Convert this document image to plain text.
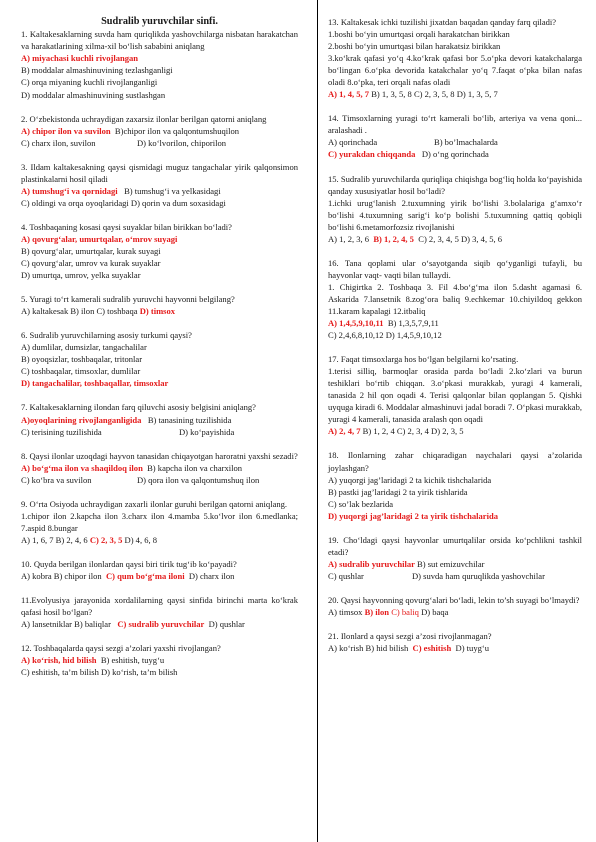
Sudralib yuruvchilar sinfi.

1. Kaltakesaklarning suvda ham quriqlikda yashovchilarga nisbatan harakatchan va harakatlarining xilma-xil bo‘lish sababini aniqlang

A) miyachasi kuchli rivojlangan

B) moddalar almashinuvining tezlashganligi

C) orqa miyaning kuchli rivojlanganligi

D) moddalar almashinuvining sustlashgan

2. O‘zbekistonda uchraydigan zaxarsiz ilonlar berilgan qatorni aniqlang

A) chipor ilon va suvilon B)chipor ilon va qalqontumshuqilon

C) charx ilon, suvilon	D) ko‘lvorilon, chiporilon

3. Ildam kaltakesakning qaysi qismidagi muguz tangachalar yirik qalqonsimon plastinkalarni hosil qiladi

A) tumshug‘i va qornidagi B) tumshug‘i va yelkasidagi

C) oldingi va orqa oyoqlaridagi D) qorin va dum soxasidagi

4. Toshbaqaning kosasi qaysi suyaklar bilan birikkan bo‘ladi?

A) qovurg‘alar, umurtqalar, o‘mrov suyagi

B) qovurg‘alar, umurtqalar, kurak suyagi

C) qovurg‘alar, umrov va kurak suyaklar

D) umurtqa, umrov, yelka suyaklar

5. Yuragi to‘rt kamerali sudralib yuruvchi hayvonni belgilang?

A) kaltakesak B) ilon C) toshbaqa D) timsox

6. Sudralib yuruvchilarning asosiy turkumi qaysi?

A) dumlilar, dumsizlar, tangachalilar

B) oyoqsizlar, toshbaqalar, tritonlar

C) toshbaqalar, timsoxlar, dumlilar

D) tangachalilar, toshbaqallar, timsoxlar

7. Kaltakesaklarning ilondan farq qiluvchi asosiy belgisini aniqlang?

A)oyoqlarining rivojlanganligida B) tanasining tuzilishida

C) terisining tuzilishida	D) ko‘payishida

8. Qaysi ilonlar uzoqdagi hayvon tanasidan chiqayotgan haroratni yaxshi sezadi?

A) bo‘g‘ma ilon va shaqildoq ilon B) kapcha ilon va charxilon

C) ko‘bra va suvilon	D) qora ilon va qalqontumshuq ilon

9. O‘rta Osiyoda uchraydigan zaxarli ilonlar guruhi berilgan qatorni aniqlang.

1.chipor ilon 2.kapcha ilon 3.charx ilon 4.mamba 5.ko‘lvor ilon 6.medlanka; 7.aspid 8.bungar

A) 1, 6, 7 B) 2, 4, 6 C) 2, 3, 5 D) 4, 6, 8

10. Quyda berilgan ilonlardan qaysi biri tirik tug‘ib ko‘payadi?

A) kobra B) chipor ilon C) qum bo‘g‘ma iloni D) charx ilon

11.Evolyusiya jarayonida xordalilarning qaysi sinfida birinchi marta ko‘krak qafasi hosil bo‘lgan?

A) lansetniklar B) baliqlar C) sudralib yuruvchilar D) qushlar

12. Toshbaqalarda qaysi sezgi a’zolari yaxshi rivojlangan?

A) ko‘rish, hid bilish B) eshitish, tuyg‘u

C) eshitish, ta’m bilish D) ko‘rish, ta’m bilish

13. Kaltakesak ichki tuzilishi jixatdan baqadan qanday farq qiladi?

1.boshi bo‘yin umurtqasi orqali harakatchan birikkan

2.boshi bo‘yin umurtqasi bilan harakatsiz birikkan

3.ko‘krak qafasi yo‘q 4.ko‘krak qafasi bor 5.o‘pka devori katakchalarga bo‘lingan 6.o‘pka devorida katakchalar yo‘q 7.faqat o‘pka bilan nafas oladi 8.o‘pka, teri orqali nafas oladi

A) 1, 4, 5, 7 B) 1, 3, 5, 8 C) 2, 3, 5, 8 D) 1, 3, 5, 7

14. Timsoxlarning yuragi to‘rt kamerali bo‘lib, arteriya va vena qoni... aralashadi .

A) qorinchada	B) bo’lmachalarda

C) yurakdan chiqqanda D) o‘ng qorinchada

15. Sudralib yuruvchilarda quriqliqa chiqishga bog‘liq holda ko‘payishida qanday xususiyatlar hosil bo‘ladi?

1.ichki urug‘lanish 2.tuxumning yirik bo‘lishi 3.bolalariga g‘amxo‘r bo‘lishi 4.tuxumning sarig‘i ko‘p bolishi 5.tuxumning qattiq qobiqli bo‘lishi 6.metamorfozsiz rivojlanishi

A) 1, 2, 3, 6 B) 1, 2, 4, 5 C) 2, 3, 4, 5 D) 3, 4, 5, 6

16. Tana qoplami ular o‘sayotganda siqib qo‘yganligi tufayli, bu hayvonlar vaqt- vaqti bilan tullaydi.

1. Chigirtka 2. Toshbaqa 3. Fil 4.bo‘g‘ma ilon 5.dasht agamasi 6. Askarida 7.lansetnik 8.zog‘ora baliq 9.echkemar 10.chiyildoq gekkon 11.karam kapalagi 12.itbaliq

A) 1,4,5,9,10,11 B) 1,3,5,7,9,11

C) 2,4,6,8,10,12 D) 1,4,5,9,10,12

17. Faqat timsoxlarga hos bo‘lgan belgilarni ko’rsating.

1.terisi silliq, barmoqlar orasida parda bo‘ladi 2.ko‘zlari va burun teshiklari bo‘rtib chiqqan. 3.o‘pkasi murakkab, yuragi 4 kamerali, tanasida 2 hil qon oqadi 4. Terisi qalqonlar bilan qoplangan 5. Qishki uyquga kiradi 6. Moddalar almashinuvi jadal boradi 7. O‘pkasi murakkab, yuragi 4 kamerali, tanasida aralash qon oqadi

A) 2, 4, 7 B) 1, 2, 4 C) 2, 3, 4 D) 2, 3, 5

18. Ilonlarning zahar chiqaradigan naychalari qaysi a’zolarida joylashgan?

A) yuqorgi jag’laridagi 2 ta kichik tishchalarida

B) pastki jag’laridagi 2 ta yirik tishlarida

C) so’lak bezlarida

D) yuqorgi jag’laridagi 2 ta yirik tishchalarida

19. Cho‘ldagi qaysi hayvonlar umurtqalilar orsida ko‘pchlikni tashkil etadi?

A) sudralib yuruvchilar B) sut emizuvchilar

C) qushlar	D) suvda ham quruqlikda yashovchilar

20. Qaysi hayvonning qovurg‘alari bo‘ladi, lekin to’sh suyagi bo’lmaydi?

A) timsox B) ilon C) baliq D) baqa

21. Ilonlard a qaysi sezgi a’zosi rivojlanmagan?

A) ko‘rish B) hid bilish C) eshitish D) tuyg‘u
